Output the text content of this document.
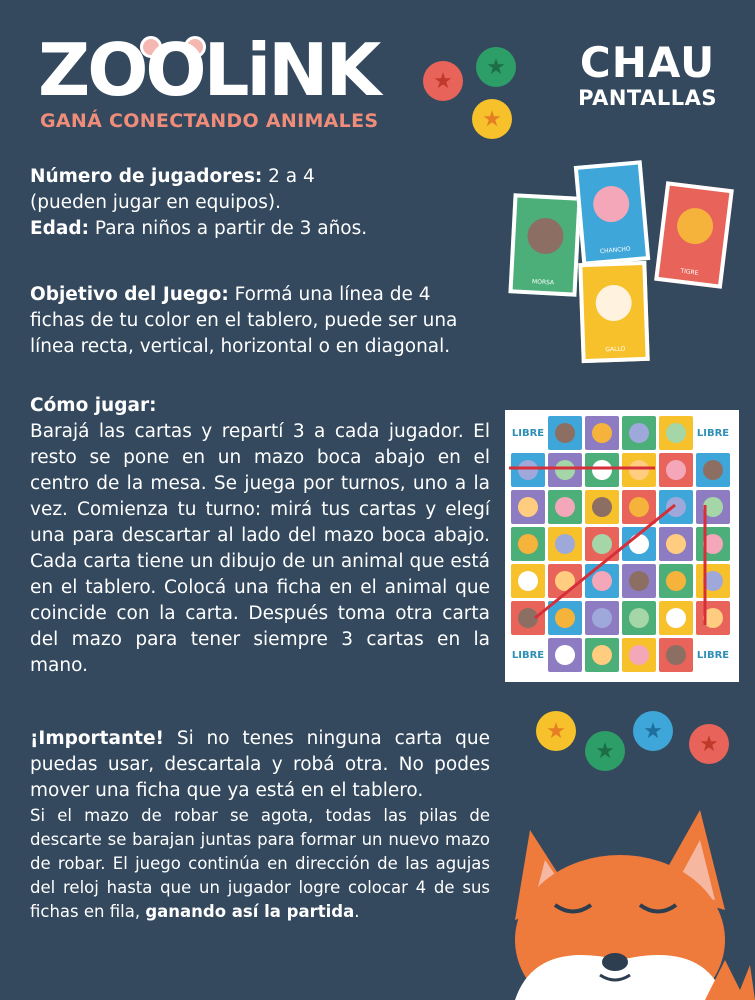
ZOOLiNK
GANÁ CONECTANDO ANIMALES
CHAU
PANTALLAS
★
★
★
Número de jugadores: 2 a 4
(pueden jugar en equipos).
Edad: Para niños a partir de 3 años.
Objetivo del Juego: Formá una línea de 4 fichas de tu color en el tablero, puede ser una línea recta, vertical, horizontal o en diagonal.
Cómo jugar:
Barajá las cartas y repartí 3 a cada jugador. El resto se pone en un mazo boca abajo en el centro de la mesa. Se juega por turnos, uno a la vez. Comienza tu turno: mirá tus cartas y elegí una para descartar al lado del mazo boca abajo. Cada carta tiene un dibujo de un animal que está en el tablero. Colocá una ficha en el animal que coincide con la carta. Después toma otra carta del mazo para tener siempre 3 cartas en la mano.
¡Importante! Si no tenes ninguna carta que puedas usar, descartala y robá otra. No podes mover una ficha que ya está en el tablero.
Si el mazo de robar se agota, todas las pilas de descarte se barajan juntas para formar un nuevo mazo de robar. El juego continúa en dirección de las agujas del reloj hasta que un jugador logre colocar 4 de sus fichas en fila, ganando así la partida.
MORSA
CHANCHO
TIGRE
GALLO
LIBRE	LIBRE
LIBRE	LIBRE
★
★
★
★
